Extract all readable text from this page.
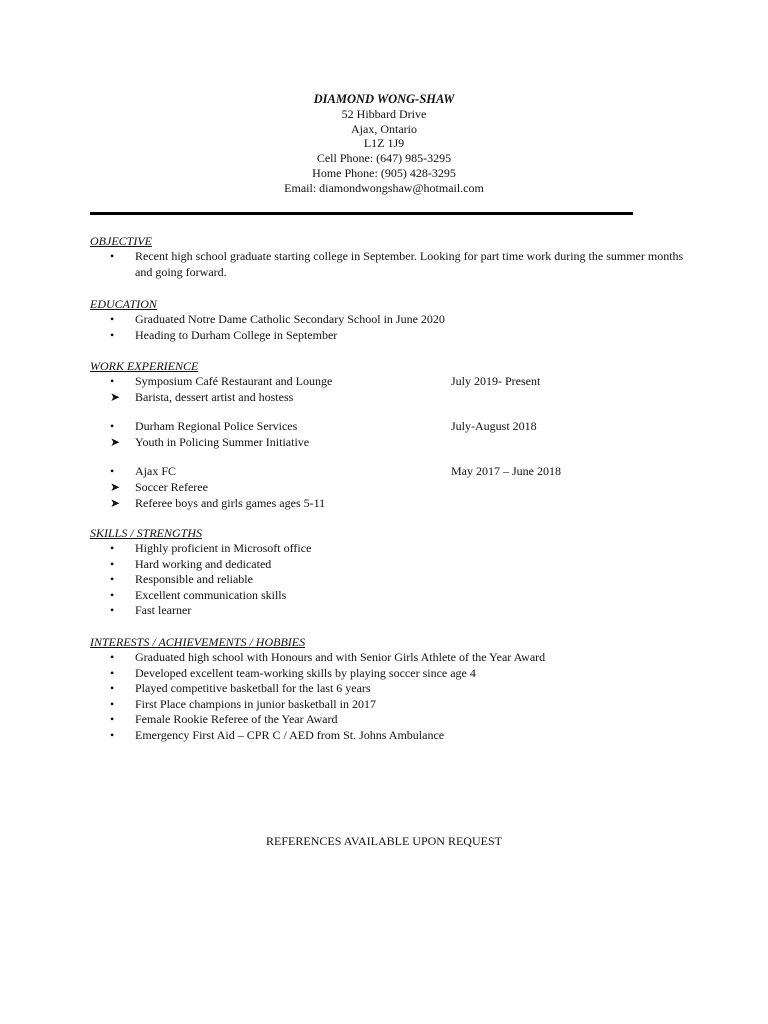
DIAMOND WONG-SHAW
52 Hibbard Drive
Ajax, Ontario
L1Z 1J9
Cell Phone: (647) 985-3295
Home Phone: (905) 428-3295
Email: diamondwongshaw@hotmail.com
OBJECTIVE
•	Recent high school graduate starting college in September. Looking for part time work during the summer months and going forward.
EDUCATION
•	Graduated Notre Dame Catholic Secondary School in June 2020
•	Heading to Durham College in September
WORK EXPERIENCE
•	Symposium Café Restaurant and Lounge	July 2019- Present
➤	Barista, dessert artist and hostess
•	Durham Regional Police Services	July-August 2018
➤	Youth in Policing Summer Initiative
•	Ajax FC	May 2017 – June 2018
➤	Soccer Referee
➤	Referee boys and girls games ages 5-11
SKILLS / STRENGTHS
•	Highly proficient in Microsoft office
•	Hard working and dedicated
•	Responsible and reliable
•	Excellent communication skills
•	Fast learner
INTERESTS / ACHIEVEMENTS / HOBBIES
•	Graduated high school with Honours and with Senior Girls Athlete of the Year Award
•	Developed excellent team-working skills by playing soccer since age 4
•	Played competitive basketball for the last 6 years
•	First Place champions in junior basketball in 2017
•	Female Rookie Referee of the Year Award
•	Emergency First Aid – CPR C / AED from St. Johns Ambulance
REFERENCES AVAILABLE UPON REQUEST
